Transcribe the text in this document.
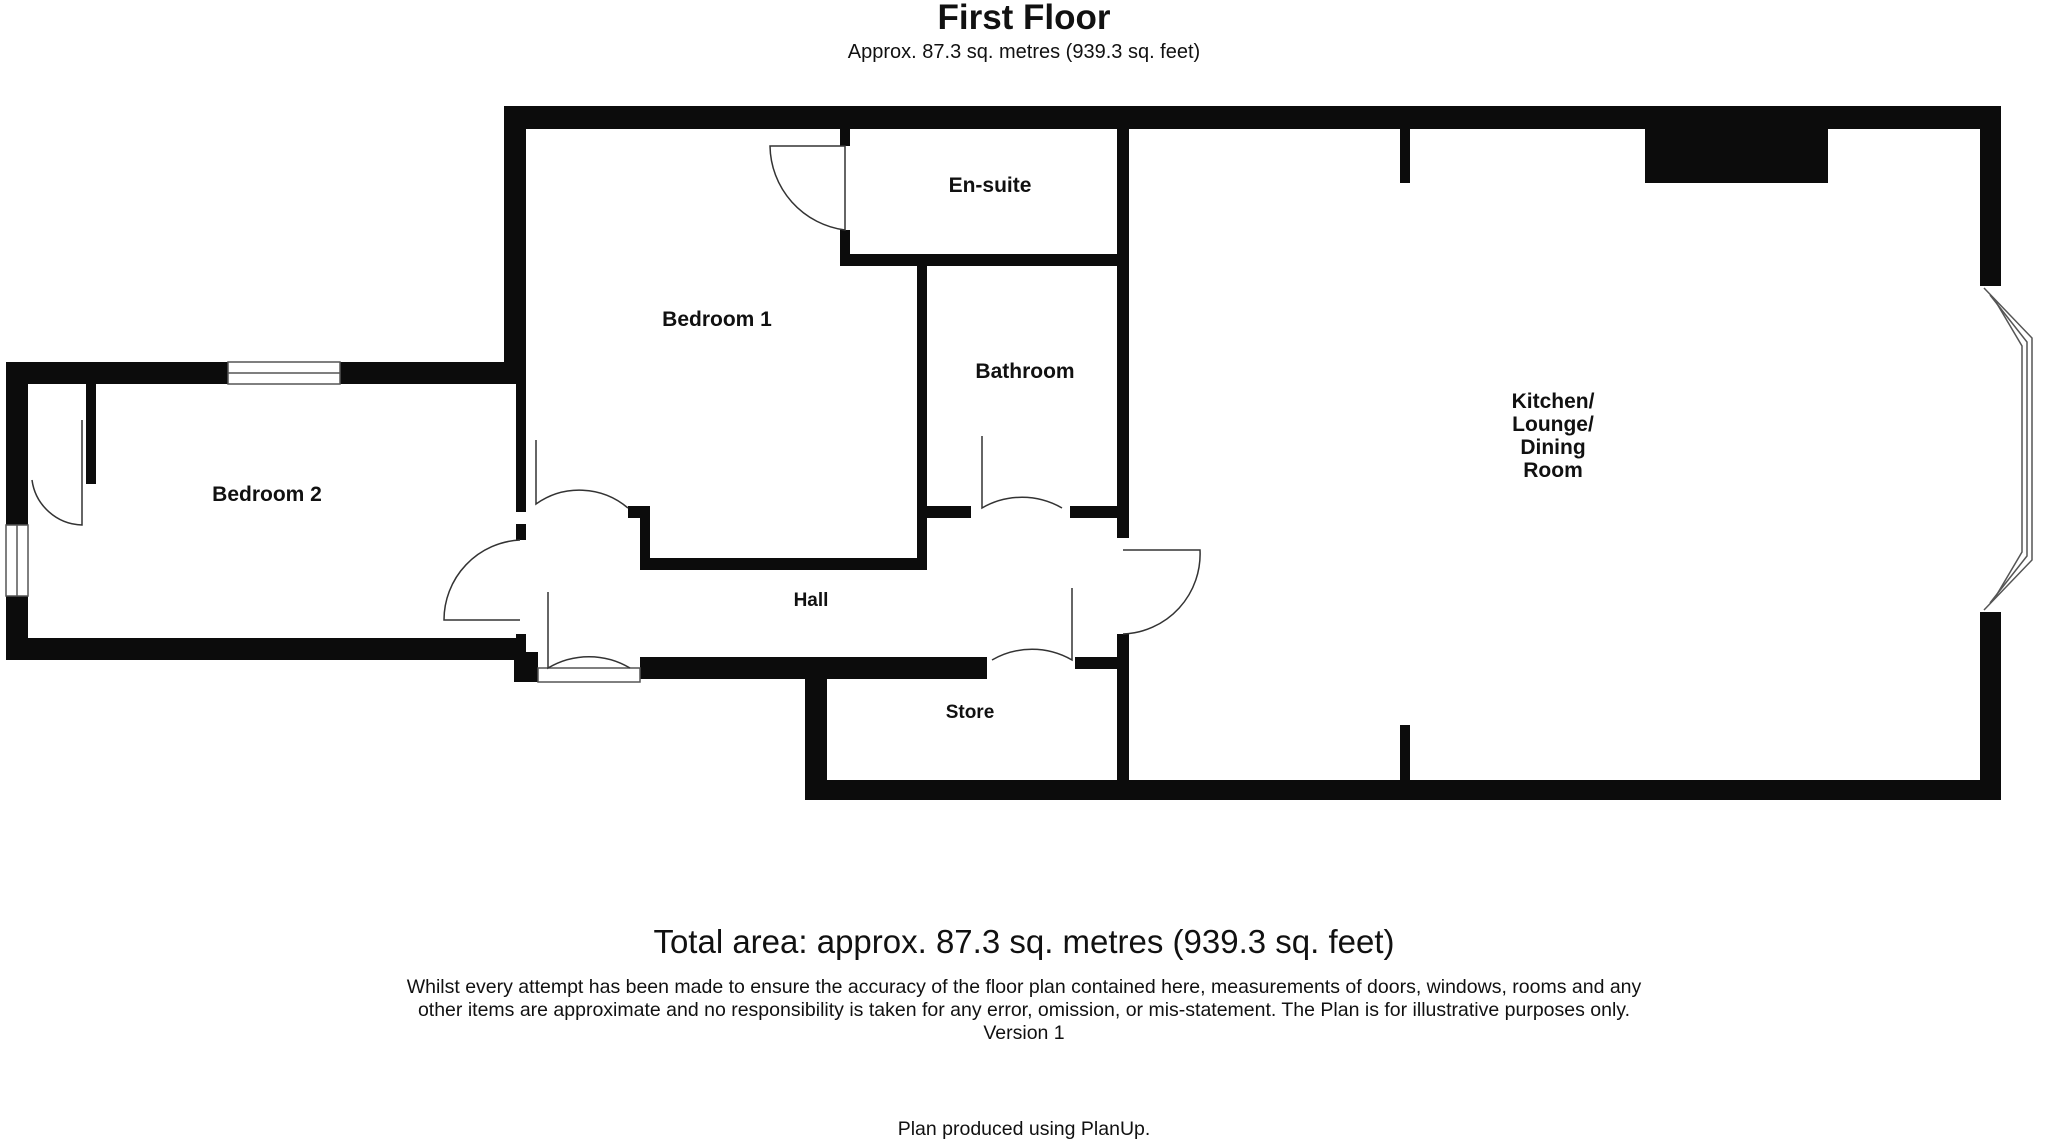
First Floor
Approx. 87.3 sq. metres (939.3 sq. feet)
Bedroom 2
Bedroom 1
En-suite
Bathroom
Hall
Store
Kitchen/
Lounge/
Dining
Room
Total area: approx. 87.3 sq. metres (939.3 sq. feet)
Whilst every attempt has been made to ensure the accuracy of the floor plan contained here, measurements of doors, windows, rooms and any
other items are approximate and no responsibility is taken for any error, omission, or mis-statement. The Plan is for illustrative purposes only.
Version 1
Plan produced using PlanUp.
